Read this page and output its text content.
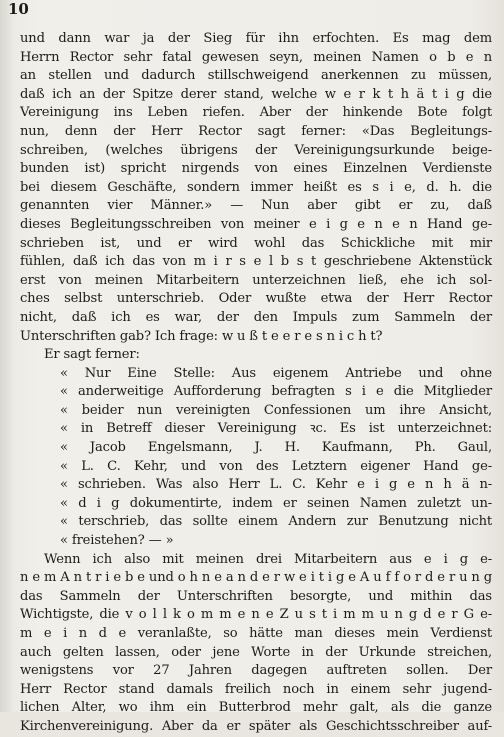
10
und dann war ja der Sieg für ihn erfochten. Es mag dem
Herrn Rector sehr fatal gewesen seyn, meinen Namen o b e n
an stellen und dadurch stillschweigend anerkennen zu müssen,
daß ich an der Spitze derer stand, welche w e r k t h ä t i g die
Vereinigung ins Leben riefen. Aber der hinkende Bote folgt
nun, denn der Herr Rector sagt ferner: «Das Begleitungs-
schreiben, (welches übrigens der Vereinigungsurkunde beige-
bunden ist) spricht nirgends von eines Einzelnen Verdienste
bei diesem Geschäfte, sondern immer heißt es s i e, d. h. die
genannten vier Männer.» — Nun aber gibt er zu, daß
dieses Begleitungsschreiben von meiner e i g e n e n Hand ge-
schrieben ist, und er wird wohl das Schickliche mit mir
fühlen, daß ich das von m i r s e l b s t geschriebene Aktenstück
erst von meinen Mitarbeitern unterzeichnen ließ, ehe ich sol-
ches selbst unterschrieb. Oder wußte etwa der Herr Rector
nicht, daß ich es war, der den Impuls zum Sammeln der
Unterschriften gab? Ich frage: w u ß t e e r e s n i c h t?
Er sagt ferner:
« Nur Eine Stelle: Aus eigenem Antriebe und ohne
« anderweitige Aufforderung befragten s i e die Mitglieder
« beider nun vereinigten Confessionen um ihre Ansicht,
« in Betreff dieser Vereinigung ꝛc. Es ist unterzeichnet:
« Jacob Engelsmann, J. H. Kaufmann, Ph. Gaul,
« L. C. Kehr, und von des Letztern eigener Hand ge-
« schrieben. Was also Herr L. C. Kehr e i g e n h ä n-
« d i g dokumentirte, indem er seinen Namen zuletzt un-
« terschrieb, das sollte einem Andern zur Benutzung nicht
« freistehen? — »
Wenn ich also mit meinen drei Mitarbeitern aus e i g e-
n e m A n t r i e b e und o h n e a n d e r w e i t i g e A u f f o r d e r u n g
das Sammeln der Unterschriften besorgte, und mithin das
Wichtigste, die v o l l k o m m e n e Z u s t i m m u n g d e r G e-
m e i n d e veranlaßte, so hätte man dieses mein Verdienst
auch gelten lassen, oder jene Worte in der Urkunde streichen,
wenigstens vor 27 Jahren dagegen auftreten sollen. Der
Herr Rector stand damals freilich noch in einem sehr jugend-
lichen Alter, wo ihm ein Butterbrod mehr galt, als die ganze
Kirchenvereinigung. Aber da er später als Geschichtsschreiber auf-
